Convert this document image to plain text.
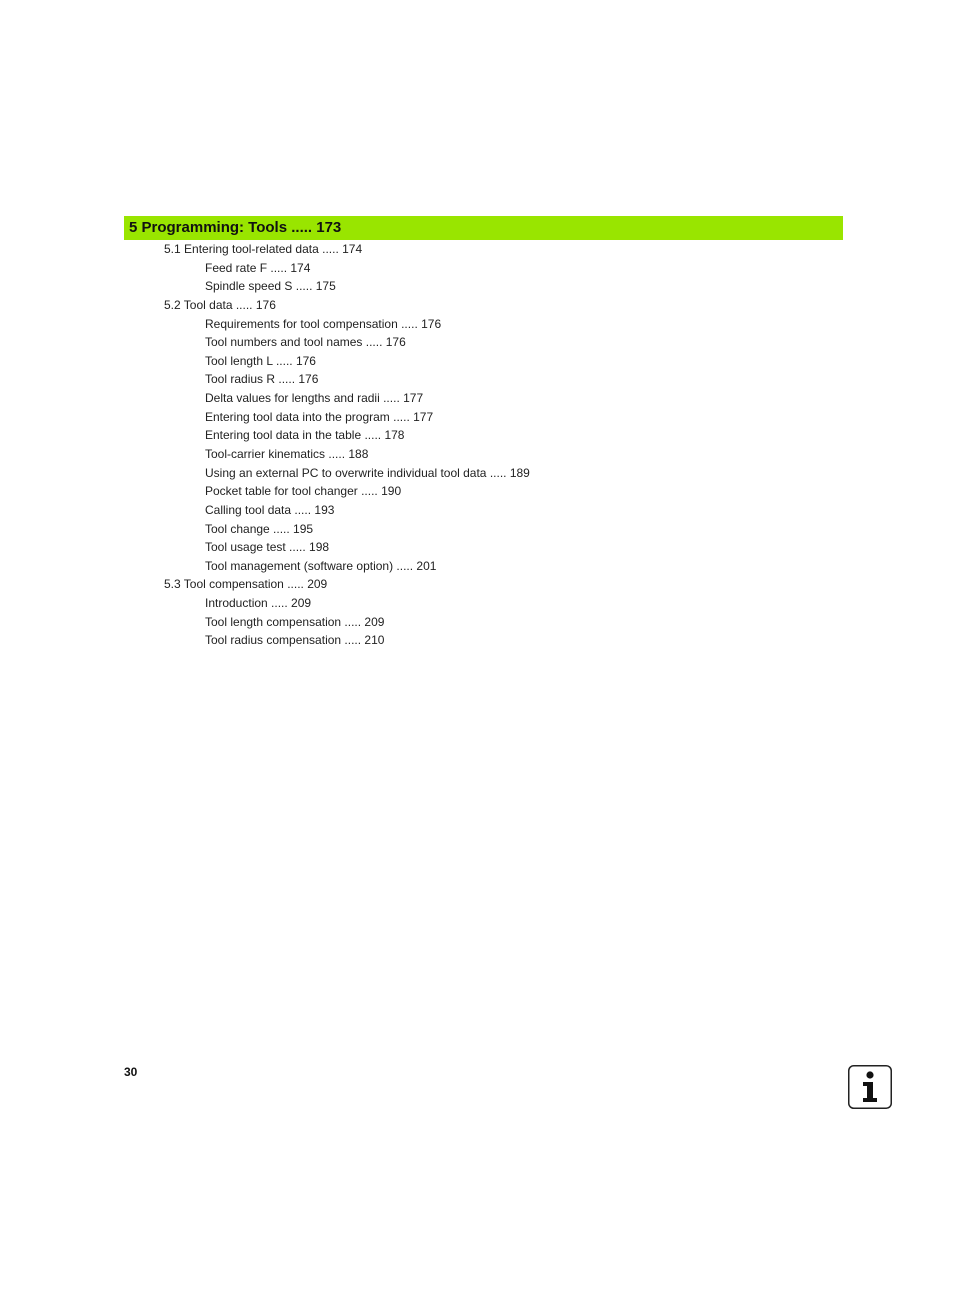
5 Programming: Tools ..... 173
5.1 Entering tool-related data ..... 174
Feed rate F ..... 174
Spindle speed S ..... 175
5.2 Tool data ..... 176
Requirements for tool compensation ..... 176
Tool numbers and tool names ..... 176
Tool length L ..... 176
Tool radius R ..... 176
Delta values for lengths and radii ..... 177
Entering tool data into the program ..... 177
Entering tool data in the table ..... 178
Tool-carrier kinematics ..... 188
Using an external PC to overwrite individual tool data ..... 189
Pocket table for tool changer ..... 190
Calling tool data ..... 193
Tool change ..... 195
Tool usage test ..... 198
Tool management (software option) ..... 201
5.3 Tool compensation ..... 209
Introduction ..... 209
Tool length compensation ..... 209
Tool radius compensation ..... 210
30
